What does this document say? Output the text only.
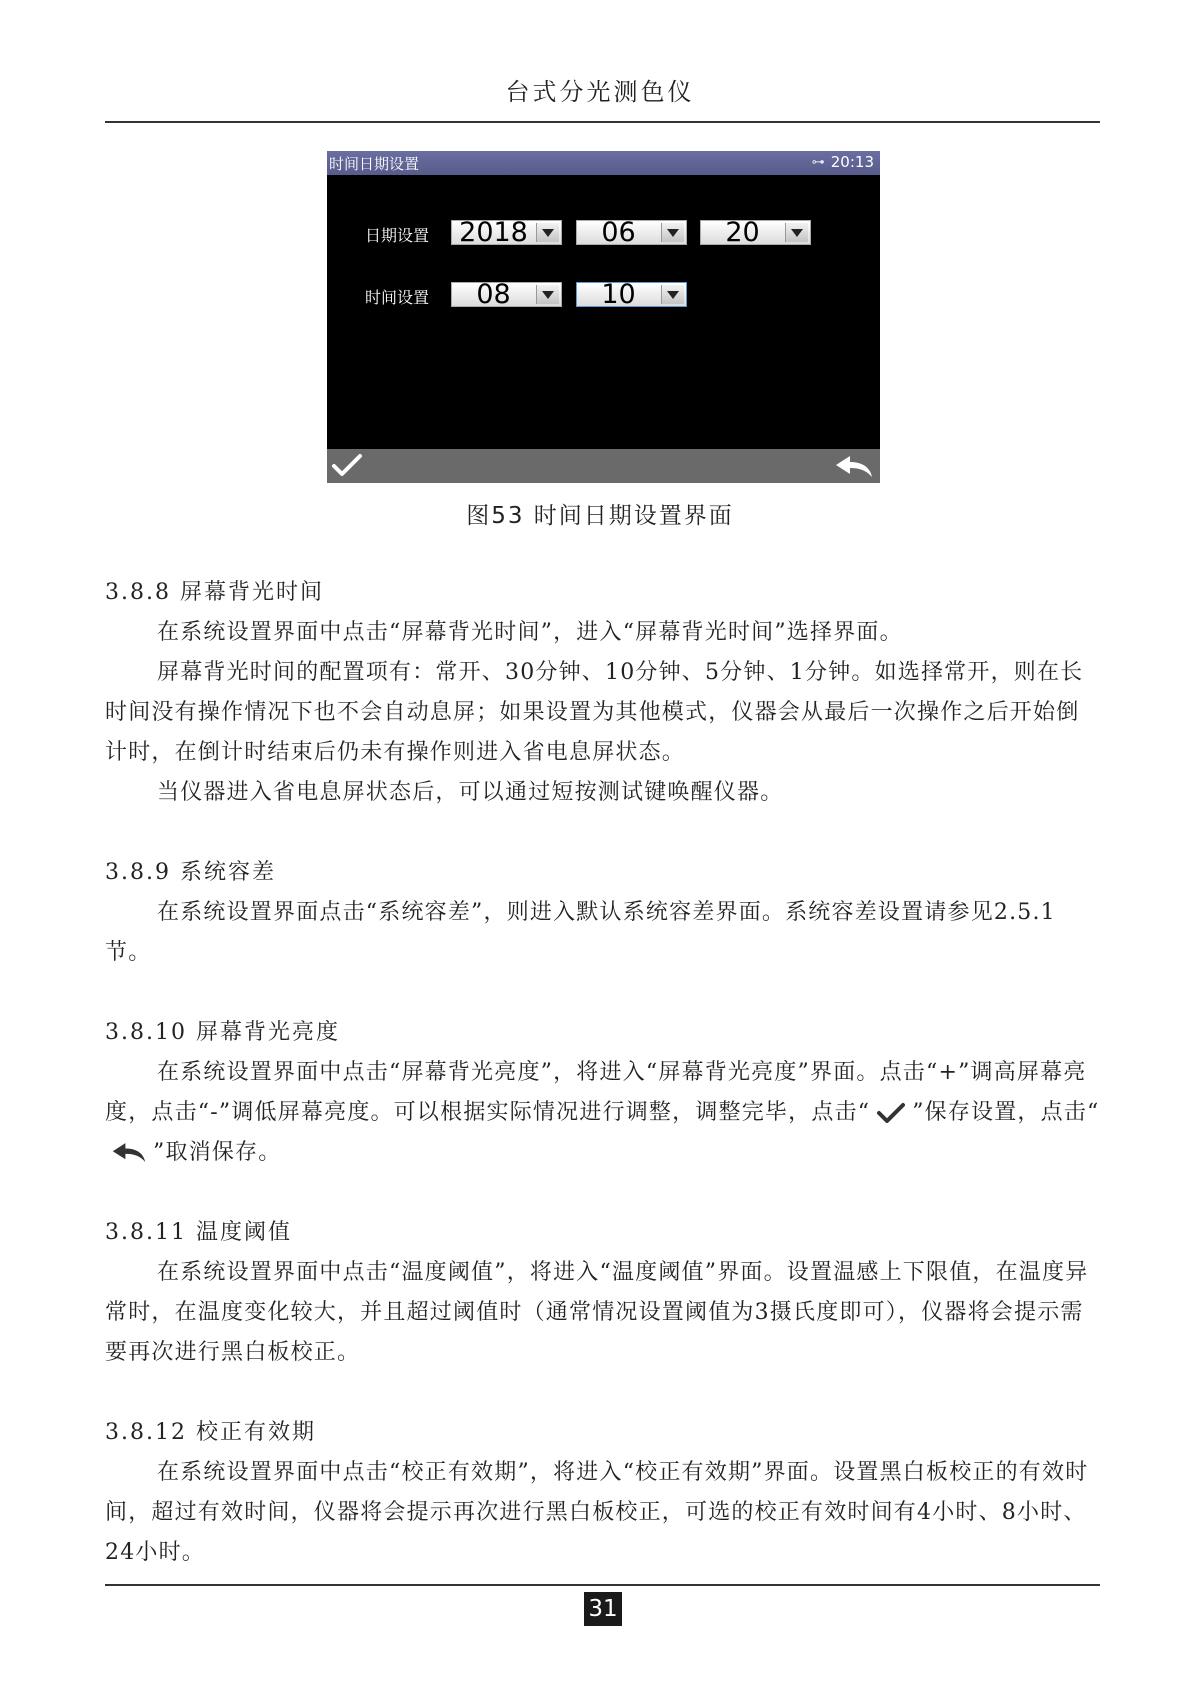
台式分光测色仪
时间日期设置	⊶ 20:13
日期设置 2018	06	20
时间设置	08	10
图53 时间日期设置界面
3.8.8 屏幕背光时间

在系统设置界面中点击“屏幕背光时间”，进入“屏幕背光时间”选择界面。

屏幕背光时间的配置项有：常开、30分钟、10分钟、5分钟、1分钟。如选择常开，则在长时间没有操作情况下也不会自动息屏；如果设置为其他模式，仪器会从最后一次操作之后开始倒计时，在倒计时结束后仍未有操作则进入省电息屏状态。

当仪器进入省电息屏状态后，可以通过短按测试键唤醒仪器。

3.8.9 系统容差

在系统设置界面点击“系统容差”，则进入默认系统容差界面。系统容差设置请参见2.5.1节。

3.8.10 屏幕背光亮度

在系统设置界面中点击“屏幕背光亮度”，将进入“屏幕背光亮度”界面。点击“+”调高屏幕亮度，点击“-”调低屏幕亮度。可以根据实际情况进行调整，调整完毕，点击“ ”保存设置，点击“”取消保存。

3.8.11 温度阈值

在系统设置界面中点击“温度阈值”，将进入“温度阈值”界面。设置温感上下限值，在温度异常时，在温度变化较大，并且超过阈值时（通常情况设置阈值为3摄氏度即可），仪器将会提示需要再次进行黑白板校正。

3.8.12 校正有效期

在系统设置界面中点击“校正有效期”，将进入“校正有效期”界面。设置黑白板校正的有效时间，超过有效时间，仪器将会提示再次进行黑白板校正，可选的校正有效时间有4小时、8小时、24小时。

31
